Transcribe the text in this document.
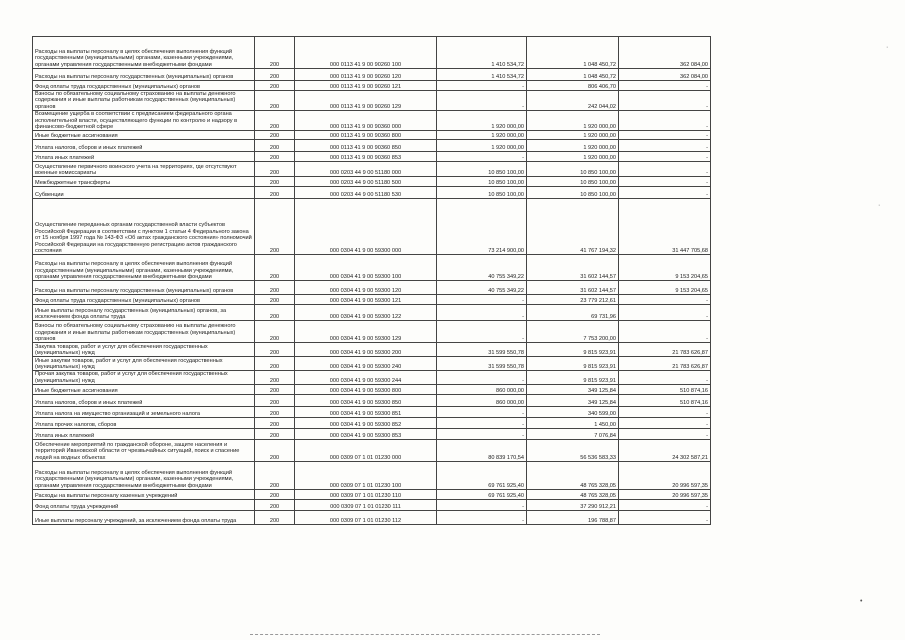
Расходы на выплаты персоналу в целях обеспечения выполнения функций государственными (муниципальными) органами, казенными учреждениями, органами управления государственными внебюджетными фондами	200	000 0113 41 9 00 90260 100	1 410 534,72	1 048 450,72	362 084,00
Расходы на выплаты персоналу государственных (муниципальных) органов	200	000 0113 41 9 00 90260 120	1 410 534,72	1 048 450,72	362 084,00
Фонд оплаты труда государственных (муниципальных) органов	200	000 0113 41 9 00 90260 121	-	806 406,70	-
Взносы по обязательному социальному страхованию на выплаты денежного содержания и иные выплаты работникам государственных (муниципальных) органов	200	000 0113 41 9 00 90260 129	-	242 044,02	-
Возмещение ущерба в соответствии с предписанием федерального органа исполнительной власти, осуществляющего функции по контролю и надзору в финансово-бюджетной сфере	200	000 0113 41 9 00 90360 000	1 920 000,00	1 920 000,00	-
Иные бюджетные ассигнования	200	000 0113 41 9 00 90360 800	1 920 000,00	1 920 000,00	-
Уплата налогов, сборов и иных платежей	200	000 0113 41 9 00 90360 850	1 920 000,00	1 920 000,00	-
Уплата иных платежей	200	000 0113 41 9 00 90360 853	-	1 920 000,00	-
Осуществление первичного воинского учета на территориях, где отсутствуют военные комиссариаты	200	000 0203 44 9 00 51180 000	10 850 100,00	10 850 100,00	-
Межбюджетные трансферты	200	000 0203 44 9 00 51180 500	10 850 100,00	10 850 100,00	-
Субвенции	200	000 0203 44 9 00 51180 530	10 850 100,00	10 850 100,00	-
Осуществление переданных органам государственной власти субъектов Российской Федерации в соответствии с пунктом 1 статьи 4 Федерального закона от 15 ноября 1997 года № 143-ФЗ «Об актах гражданского состояния» полномочий Российской Федерации на государственную регистрацию актов гражданского состояния	200	000 0304 41 9 00 59300 000	73 214 900,00	41 767 194,32	31 447 705,68
Расходы на выплаты персоналу в целях обеспечения выполнения функций государственными (муниципальными) органами, казенными учреждениями, органами управления государственными внебюджетными фондами	200	000 0304 41 9 00 59300 100	40 755 349,22	31 602 144,57	9 153 204,65
Расходы на выплаты персоналу государственных (муниципальных) органов	200	000 0304 41 9 00 59300 120	40 755 349,22	31 602 144,57	9 153 204,65
Фонд оплаты труда государственных (муниципальных) органов	200	000 0304 41 9 00 59300 121	-	23 779 212,61	-
Иные выплаты персоналу государственных (муниципальных) органов, за исключением фонда оплаты труда	200	000 0304 41 9 00 59300 122	-	69 731,96	-
Взносы по обязательному социальному страхованию на выплаты денежного содержания и иные выплаты работникам государственных (муниципальных) органов	200	000 0304 41 9 00 59300 129	-	7 753 200,00	-
Закупка товаров, работ и услуг для обеспечения государственных (муниципальных) нужд	200	000 0304 41 9 00 59300 200	31 599 550,78	9 815 923,91	21 783 626,87
Иные закупки товаров, работ и услуг для обеспечения государственных (муниципальных) нужд	200	000 0304 41 9 00 59300 240	31 599 550,78	9 815 923,91	21 783 626,87
Прочая закупка товаров, работ и услуг для обеспечения государственных (муниципальных) нужд	200	000 0304 41 9 00 59300 244	-	9 815 923,91	-
Иные бюджетные ассигнования	200	000 0304 41 9 00 59300 800	860 000,00	349 125,84	510 874,16
Уплата налогов, сборов и иных платежей	200	000 0304 41 9 00 59300 850	860 000,00	349 125,84	510 874,16
Уплата налога на имущество организаций и земельного налога	200	000 0304 41 9 00 59300 851	-	340 599,00	-
Уплата прочих налогов, сборов	200	000 0304 41 9 00 59300 852	-	1 450,00	-
Уплата иных платежей	200	000 0304 41 9 00 59300 853	-	7 076,84	-
Обеспечение мероприятий по гражданской обороне, защите населения и территорий Ивановской области от чрезвычайных ситуаций, поиск и спасение людей на водных объектах	200	000 0309 07 1 01 01230 000	80 839 170,54	56 536 583,33	24 302 587,21
Расходы на выплаты персоналу в целях обеспечения выполнения функций государственными (муниципальными) органами, казенными учреждениями, органами управления государственными внебюджетными фондами	200	000 0309 07 1 01 01230 100	69 761 925,40	48 765 328,05	20 996 597,35
Расходы на выплаты персоналу казенных учреждений	200	000 0309 07 1 01 01230 110	69 761 925,40	48 765 328,05	20 996 597,35
Фонд оплаты труда учреждений	200	000 0309 07 1 01 01230 111	-	37 290 912,21	-
Иные выплаты персоналу учреждений, за исключением фонда оплаты труда	200	000 0309 07 1 01 01230 112	-	196 788,87	-
·
·
•
